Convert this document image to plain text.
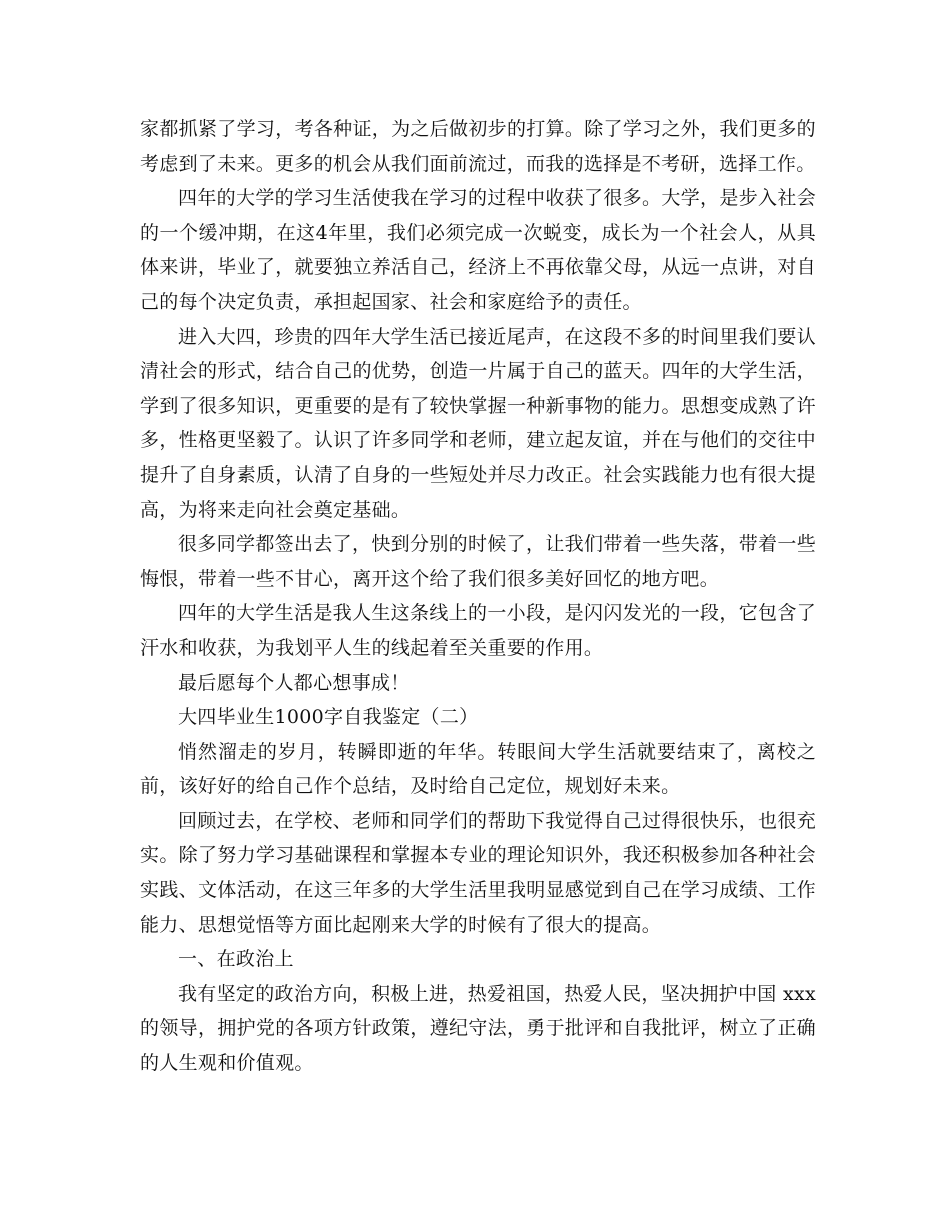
家都抓紧了学习，考各种证，为之后做初步的打算。除了学习之外，我们更多的考虑到了未来。更多的机会从我们面前流过，而我的选择是不考研，选择工作。

四年的大学的学习生活使我在学习的过程中收获了很多。大学，是步入社会的一个缓冲期，在这4年里，我们必须完成一次蜕变，成长为一个社会人，从具体来讲，毕业了，就要独立养活自己，经济上不再依靠父母，从远一点讲，对自己的每个决定负责，承担起国家、社会和家庭给予的责任。

进入大四，珍贵的四年大学生活已接近尾声，在这段不多的时间里我们要认清社会的形式，结合自己的优势，创造一片属于自己的蓝天。四年的大学生活，学到了很多知识，更重要的是有了较快掌握一种新事物的能力。思想变成熟了许多，性格更坚毅了。认识了许多同学和老师，建立起友谊，并在与他们的交往中提升了自身素质，认清了自身的一些短处并尽力改正。社会实践能力也有很大提高，为将来走向社会奠定基础。

很多同学都签出去了，快到分别的时候了，让我们带着一些失落，带着一些悔恨，带着一些不甘心，离开这个给了我们很多美好回忆的地方吧。

四年的大学生活是我人生这条线上的一小段，是闪闪发光的一段，它包含了汗水和收获，为我划平人生的线起着至关重要的作用。

最后愿每个人都心想事成！

大四毕业生1000字自我鉴定（二）

悄然溜走的岁月，转瞬即逝的年华。转眼间大学生活就要结束了，离校之前，该好好的给自己作个总结，及时给自己定位，规划好未来。

回顾过去，在学校、老师和同学们的帮助下我觉得自己过得很快乐，也很充实。除了努力学习基础课程和掌握本专业的理论知识外，我还积极参加各种社会实践、文体活动，在这三年多的大学生活里我明显感觉到自己在学习成绩、工作能力、思想觉悟等方面比起刚来大学的时候有了很大的提高。

一、在政治上

我有坚定的政治方向，积极上进，热爱祖国，热爱人民，坚决拥护中国 xxx 的领导，拥护党的各项方针政策，遵纪守法，勇于批评和自我批评，树立了正确的人生观和价值观。
